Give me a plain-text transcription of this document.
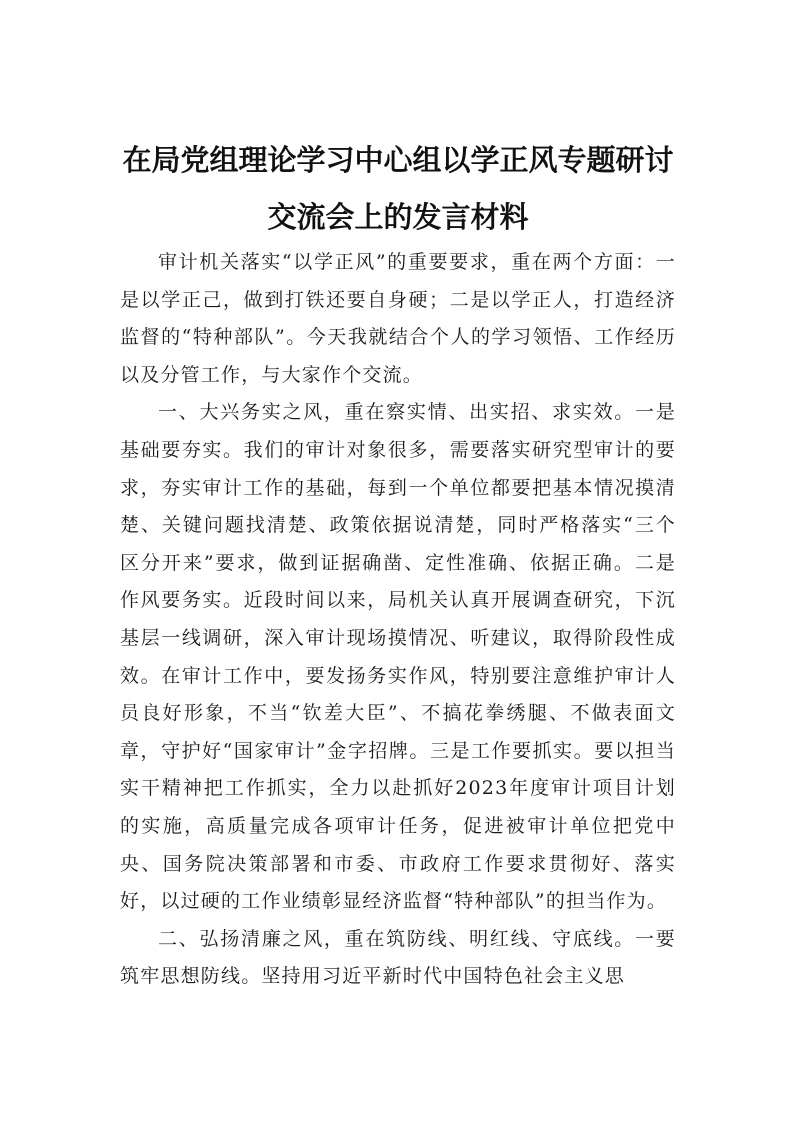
在局党组理论学习中心组以学正风专题研讨交流会上的发言材料

审计机关落实“以学正风”的重要要求，重在两个方面：一是以学正己，做到打铁还要自身硬；二是以学正人，打造经济监督的“特种部队”。今天我就结合个人的学习领悟、工作经历以及分管工作，与大家作个交流。

一、大兴务实之风，重在察实情、出实招、求实效。一是基础要夯实。我们的审计对象很多，需要落实研究型审计的要求，夯实审计工作的基础，每到一个单位都要把基本情况摸清楚、关键问题找清楚、政策依据说清楚，同时严格落实“三个区分开来”要求，做到证据确凿、定性准确、依据正确。二是作风要务实。近段时间以来，局机关认真开展调查研究，下沉基层一线调研，深入审计现场摸情况、听建议，取得阶段性成效。在审计工作中，要发扬务实作风，特别要注意维护审计人员良好形象，不当“钦差大臣”、不搞花拳绣腿、不做表面文章，守护好“国家审计”金字招牌。三是工作要抓实。要以担当实干精神把工作抓实，全力以赴抓好2023年度审计项目计划的实施，高质量完成各项审计任务，促进被审计单位把党中央、国务院决策部署和市委、市政府工作要求贯彻好、落实好，以过硬的工作业绩彰显经济监督“特种部队”的担当作为。

二、弘扬清廉之风，重在筑防线、明红线、守底线。一要筑牢思想防线。坚持用习近平新时代中国特色社会主义思
